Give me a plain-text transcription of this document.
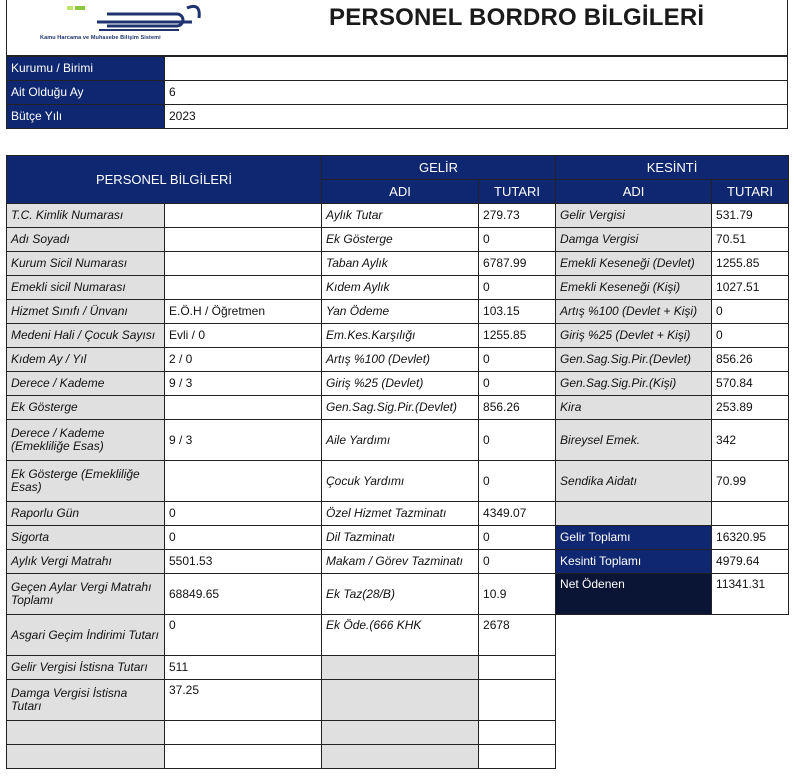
Kamu Harcama ve Muhasebe Bilişim Sistemi
PERSONEL BORDRO BİLGİLERİ
Kurumu / Birimi	
Ait Olduğu Ay	6
Bütçe Yılı	2023
PERSONEL BİLGİLERİ		GELİR		KESİNTİ	
		ADI	TUTARI	ADI	TUTARI
T.C. Kimlik Numarası		Aylık Tutar	279.73	Gelir Vergisi	531.79
Adı Soyadı		Ek Gösterge	0	Damga Vergisi	70.51
Kurum Sicil Numarası		Taban Aylık	6787.99	Emekli Keseneği (Devlet)	1255.85
Emekli sicil Numarası		Kıdem Aylık	0	Emekli Keseneği (Kişi)	1027.51
Hizmet Sınıfı / Ünvanı	E.Ö.H / Öğretmen	Yan Ödeme	103.15	Artış %100 (Devlet + Kişi)	0
Medeni Hali / Çocuk Sayısı	Evli / 0	Em.Kes.Karşılığı	1255.85	Giriş %25 (Devlet + Kişi)	0
Kıdem Ay / Yıl	2 / 0	Artış %100 (Devlet)	0	Gen.Sag.Sig.Pir.(Devlet)	856.26
Derece / Kademe	9 / 3	Giriş %25 (Devlet)	0	Gen.Sag.Sig.Pir.(Kişi)	570.84
Ek Gösterge		Gen.Sag.Sig.Pir.(Devlet)	856.26	Kira	253.89
Derece / Kademe (Emekliliğe Esas)	9 / 3	Aile Yardımı	0	Bireysel Emek.	342
Ek Gösterge (Emekliliğe Esas)		Çocuk Yardımı	0	Sendika Aidatı	70.99
Raporlu Gün	0	Özel Hizmet Tazminatı	4349.07		
Sigorta	0	Dil Tazminatı	0	Gelir Toplamı	16320.95
Aylık Vergi Matrahı	5501.53	Makam / Görev Tazminatı	0	Kesinti Toplamı	4979.64
Geçen Aylar Vergi Matrahı Toplamı	68849.65	Ek Taz(28/B)	10.9	Net Ödenen	11341.31
Asgari Geçim İndirimi Tutarı	0	Ek Öde.(666 KHK	2678		
Gelir Vergisi İstisna Tutarı	511				
Damga Vergisi İstisna Tutarı	37.25				
